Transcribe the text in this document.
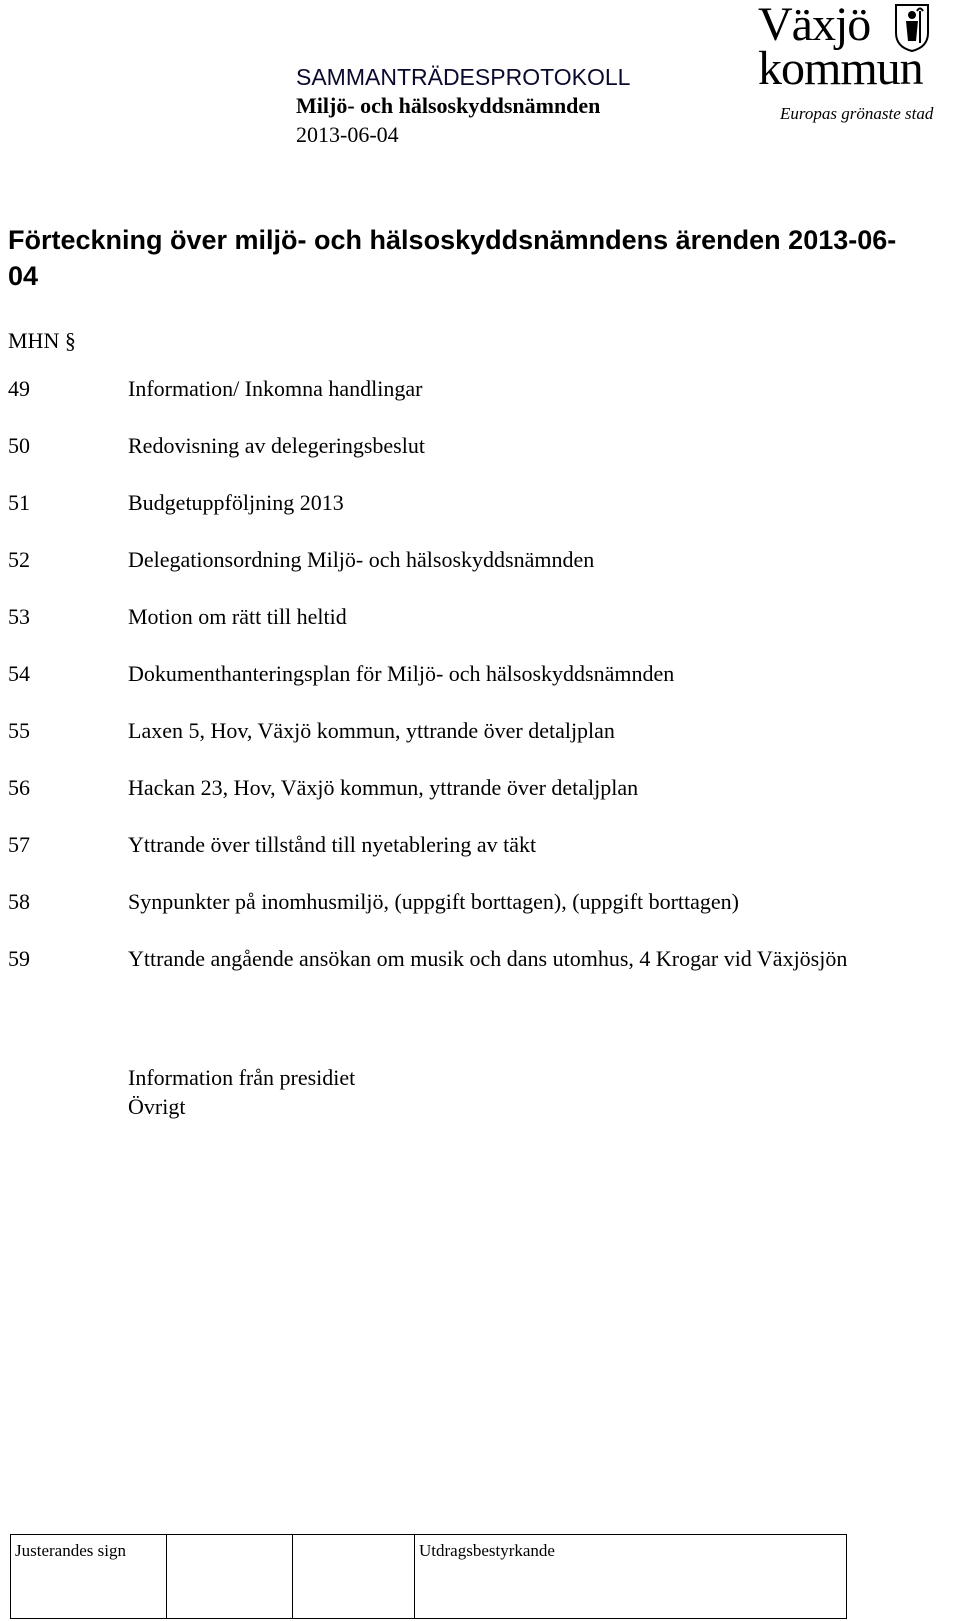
SAMMANTRÄDESPROTOKOLL
Miljö- och hälsoskyddsnämnden
2013-06-04
Växjö
kommun
Europas grönaste stad
Förteckning över miljö- och hälsoskyddsnämndens ärenden 2013-06-04
MHN §
49	Information/ Inkomna handlingar
50	Redovisning av delegeringsbeslut
51	Budgetuppföljning 2013
52	Delegationsordning Miljö- och hälsoskyddsnämnden
53	Motion om rätt till heltid
54	Dokumenthanteringsplan för Miljö- och hälsoskyddsnämnden
55	Laxen 5, Hov, Växjö kommun, yttrande över detaljplan
56	Hackan 23, Hov, Växjö kommun, yttrande över detaljplan
57	Yttrande över tillstånd till nyetablering av täkt
58	Synpunkter på inomhusmiljö, (uppgift borttagen), (uppgift borttagen)
59	Yttrande angående ansökan om musik och dans utomhus, 4 Krogar vid Växjösjön
Information från presidiet
Övrigt
Justerandes sign			Utdragsbestyrkande
